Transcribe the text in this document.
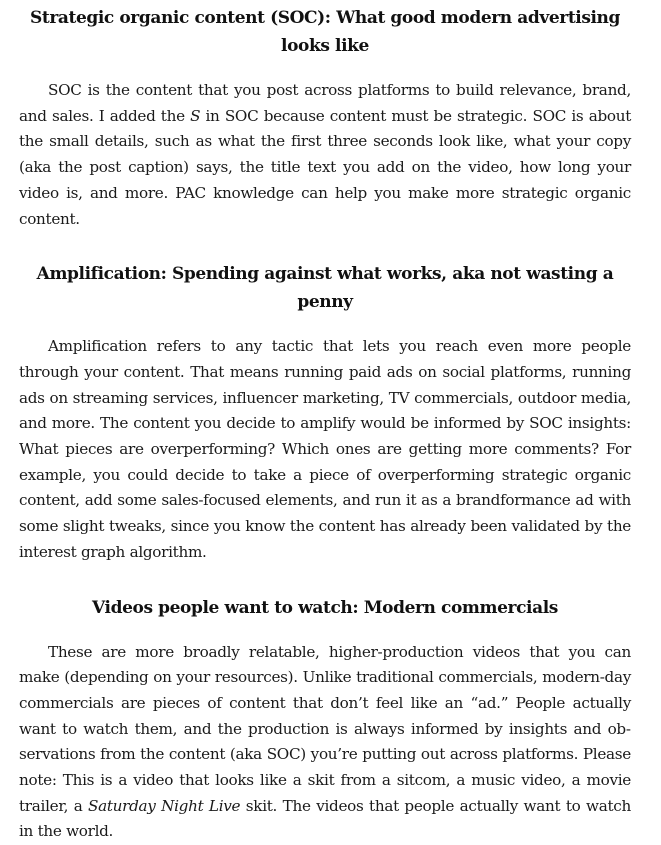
Strategic organic content (SOC): What good modern advertising looks like

SOC is the content that you post across platforms to build relevance, brand, and sales. I added the S in SOC because content must be strategic. SOC is about the small details, such as what the first three seconds look like, what your copy (aka the post caption) says, the title text you add on the video, how long your video is, and more. PAC knowledge can help you make more strategic organic content.

Amplification: Spending against what works, aka not wasting a penny

Amplification refers to any tactic that lets you reach even more people through your content. That means running paid ads on social platforms, running ads on streaming services, influencer marketing, TV commercials, outdoor media, and more. The content you decide to amplify would be informed by SOC insights: What pieces are overperforming? Which ones are getting more comments? For example, you could decide to take a piece of overperforming strategic organic content, add some sales-focused elements, and run it as a brandformance ad with some slight tweaks, since you know the content has already been validated by the interest graph algorithm.

Videos people want to watch: Modern commercials

These are more broadly relatable, higher-production videos that you can make (depending on your resources). Unlike traditional commercials, modern-day commercials are pieces of content that don’t feel like an “ad.” People actually want to watch them, and the production is always informed by insights and observations from the content (aka SOC) you’re putting out across platforms. Please note: This is a video that looks like a skit from a sitcom, a music video, a movie trailer, a Saturday Night Live skit. The videos that people actually want to watch in the world.
